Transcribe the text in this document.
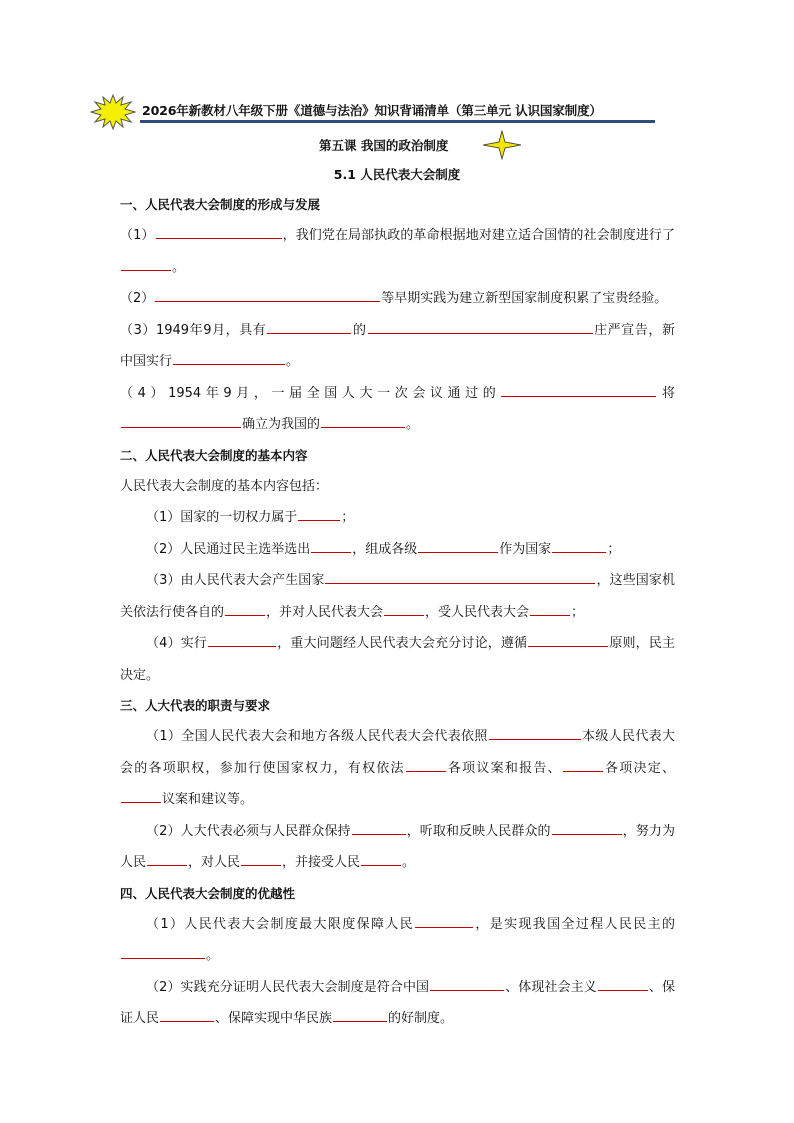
2026年新教材八年级下册《道德与法治》知识背诵清单（第三单元 认识国家制度）
第五课 我国的政治制度
5.1 人民代表大会制度

一、人民代表大会制度的形成与发展

（1）	，我们党在局部执政的革命根据地对建立适合国情的社会制度进行了。

（2）	等早期实践为建立新型国家制度积累了宝贵经验。

（3）1949年9月，具有	的	庄严宣告，新中国实行	。

（4）1954年9月，一届全国人大一次会议通过的	将确立为我国的	。

二、人民代表大会制度的基本内容

人民代表大会制度的基本内容包括：

（1）国家的一切权力属于	；

（2）人民通过民主选举选出	，组成各级	作为国家	；

（3）由人民代表大会产生国家	，这些国家机关依法行使各自的	，并对人民代表大会	，受人民代表大会	；

（4）实行	，重大问题经人民代表大会充分讨论，遵循	原则，民主决定。

三、人大代表的职责与要求

（1）全国人民代表大会和地方各级人民代表大会代表依照	本级人民代表大会的各项职权，参加行使国家权力，有权依法	各项议案和报告、	各项决定、议案和建议等。

（2）人大代表必须与人民群众保持	，听取和反映人民群众的	，努力为人民	，对人民	，并接受人民	。

四、人民代表大会制度的优越性

（1）人民代表大会制度最大限度保障人民	，是实现我国全过程人民民主的。

（2）实践充分证明人民代表大会制度是符合中国	、体现社会主义	、保证人民	、保障实现中华民族	的好制度。
